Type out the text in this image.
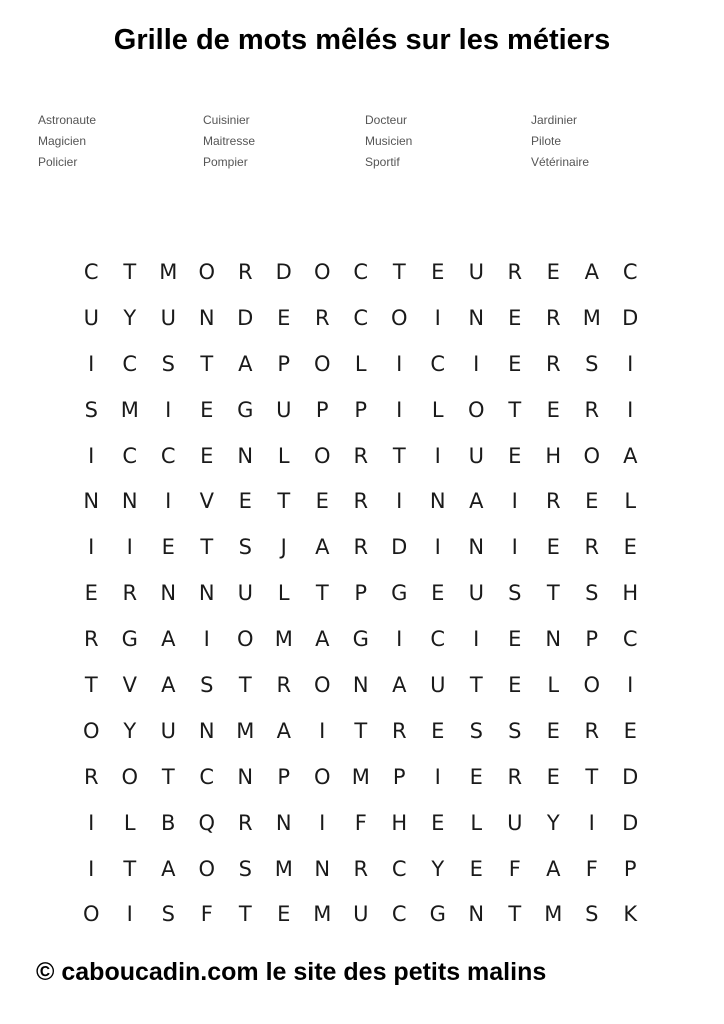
Grille de mots mêlés sur les métiers
Astronaute	Cuisinier	Docteur	Jardinier
Magicien	Maitresse	Musicien	Pilote
Policier	Pompier	Sportif	Vétérinaire
C	T	M	O	R	D	O	C	T	E	U	R	E	A	C
U	Y	U	N	D	E	R	C	O	I	N	E	R	M	D
I	C	S	T	A	P	O	L	I	C	I	E	R	S	I
S	M	I	E	G	U	P	P	I	L	O	T	E	R	I
I	C	C	E	N	L	O	R	T	I	U	E	H	O	A
N	N	I	V	E	T	E	R	I	N	A	I	R	E	L
I	I	E	T	S	J	A	R	D	I	N	I	E	R	E
E	R	N	N	U	L	T	P	G	E	U	S	T	S	H
R	G	A	I	O	M	A	G	I	C	I	E	N	P	C
T	V	A	S	T	R	O	N	A	U	T	E	L	O	I
O	Y	U	N	M	A	I	T	R	E	S	S	E	R	E
R	O	T	C	N	P	O	M	P	I	E	R	E	T	D
I	L	B	Q	R	N	I	F	H	E	L	U	Y	I	D
I	T	A	O	S	M	N	R	C	Y	E	F	A	F	P
O	I	S	F	T	E	M	U	C	G	N	T	M	S	K
© caboucadin.com le site des petits malins
